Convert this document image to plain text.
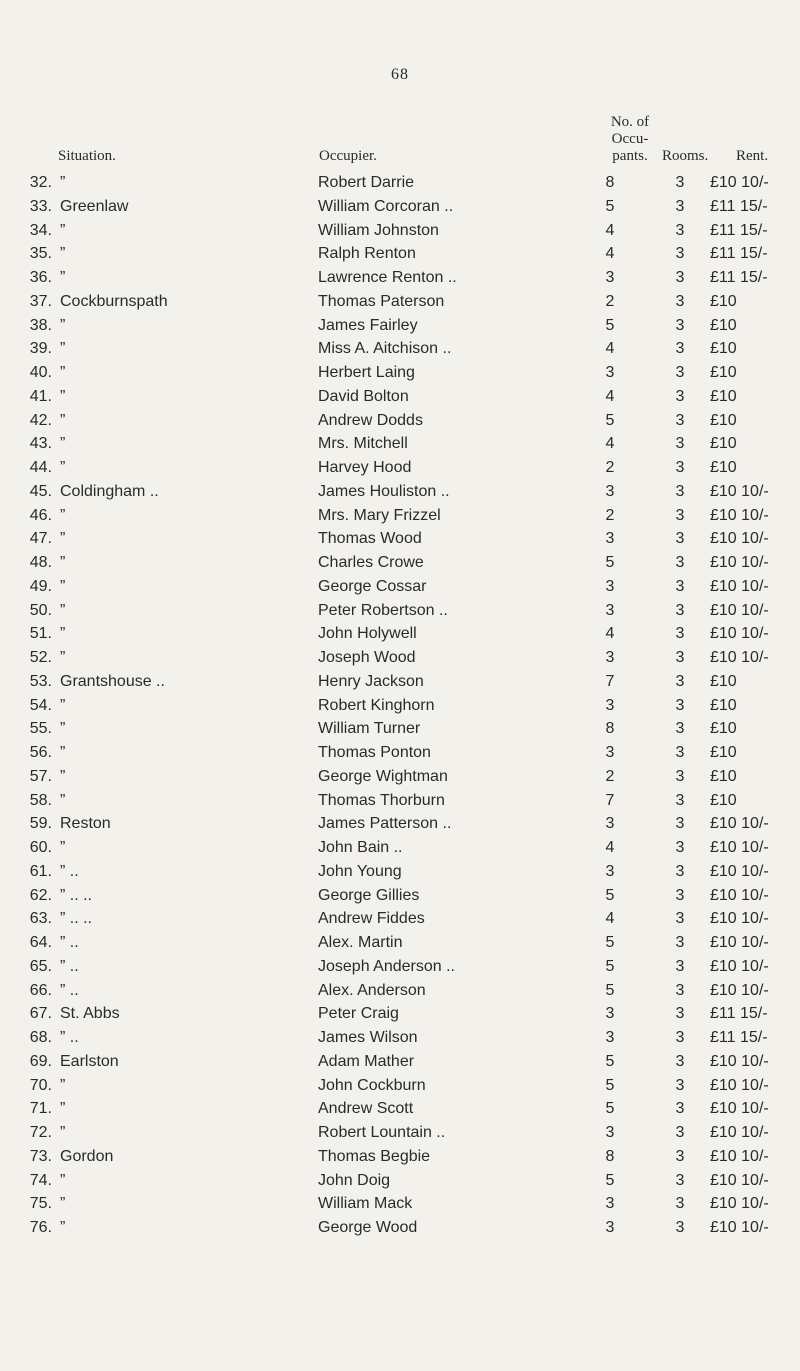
68
Situation.	Occupier.
No. of
Occu-
pants. Rooms. Rent.
32. ”	Robert Darrie	8	3	£10 10/-
33. Greenlaw	William Corcoran ..	5	3	£11 15/-
34. ”	William Johnston	4	3	£11 15/-
35. ”	Ralph Renton	4	3	£11 15/-
36. ”	Lawrence Renton ..	3	3	£11 15/-
37. Cockburnspath	Thomas Paterson	2	3	£10
38. ”	James Fairley	5	3	£10
39. ”	Miss A. Aitchison ..	4	3	£10
40. ”	Herbert Laing	3	3	£10
41. ”	David Bolton	4	3	£10
42. ”	Andrew Dodds	5	3	£10
43. ”	Mrs. Mitchell	4	3	£10
44. ”	Harvey Hood	2	3	£10
45. Coldingham ..	James Houliston ..	3	3	£10 10/-
46. ”	Mrs. Mary Frizzel	2	3	£10 10/-
47. ”	Thomas Wood	3	3	£10 10/-
48. ”	Charles Crowe	5	3	£10 10/-
49. ”	George Cossar	3	3	£10 10/-
50. ”	Peter Robertson ..	3	3	£10 10/-
51. ”	John Holywell	4	3	£10 10/-
52. ”	Joseph Wood	3	3	£10 10/-
53. Grantshouse ..	Henry Jackson	7	3	£10
54. ”	Robert Kinghorn	3	3	£10
55. ”	William Turner	8	3	£10
56. ”	Thomas Ponton	3	3	£10
57. ”	George Wightman	2	3	£10
58. ”	Thomas Thorburn	7	3	£10
59. Reston	James Patterson ..	3	3	£10 10/-
60. ”	John Bain ..	4	3	£10 10/-
61. ” ..	John Young	3	3	£10 10/-
62. ” .. ..	George Gillies	5	3	£10 10/-
63. ” .. ..	Andrew Fiddes	4	3	£10 10/-
64. ” ..	Alex. Martin	5	3	£10 10/-
65. ” ..	Joseph Anderson ..	5	3	£10 10/-
66. ” ..	Alex. Anderson	5	3	£10 10/-
67. St. Abbs	Peter Craig	3	3	£11 15/-
68. ” ..	James Wilson	3	3	£11 15/-
69. Earlston	Adam Mather	5	3	£10 10/-
70. ”	John Cockburn	5	3	£10 10/-
71. ”	Andrew Scott	5	3	£10 10/-
72. ”	Robert Lountain ..	3	3	£10 10/-
73. Gordon	Thomas Begbie	8	3	£10 10/-
74. ”	John Doig	5	3	£10 10/-
75. ”	William Mack	3	3	£10 10/-
76. ”	George Wood	3	3	£10 10/-
